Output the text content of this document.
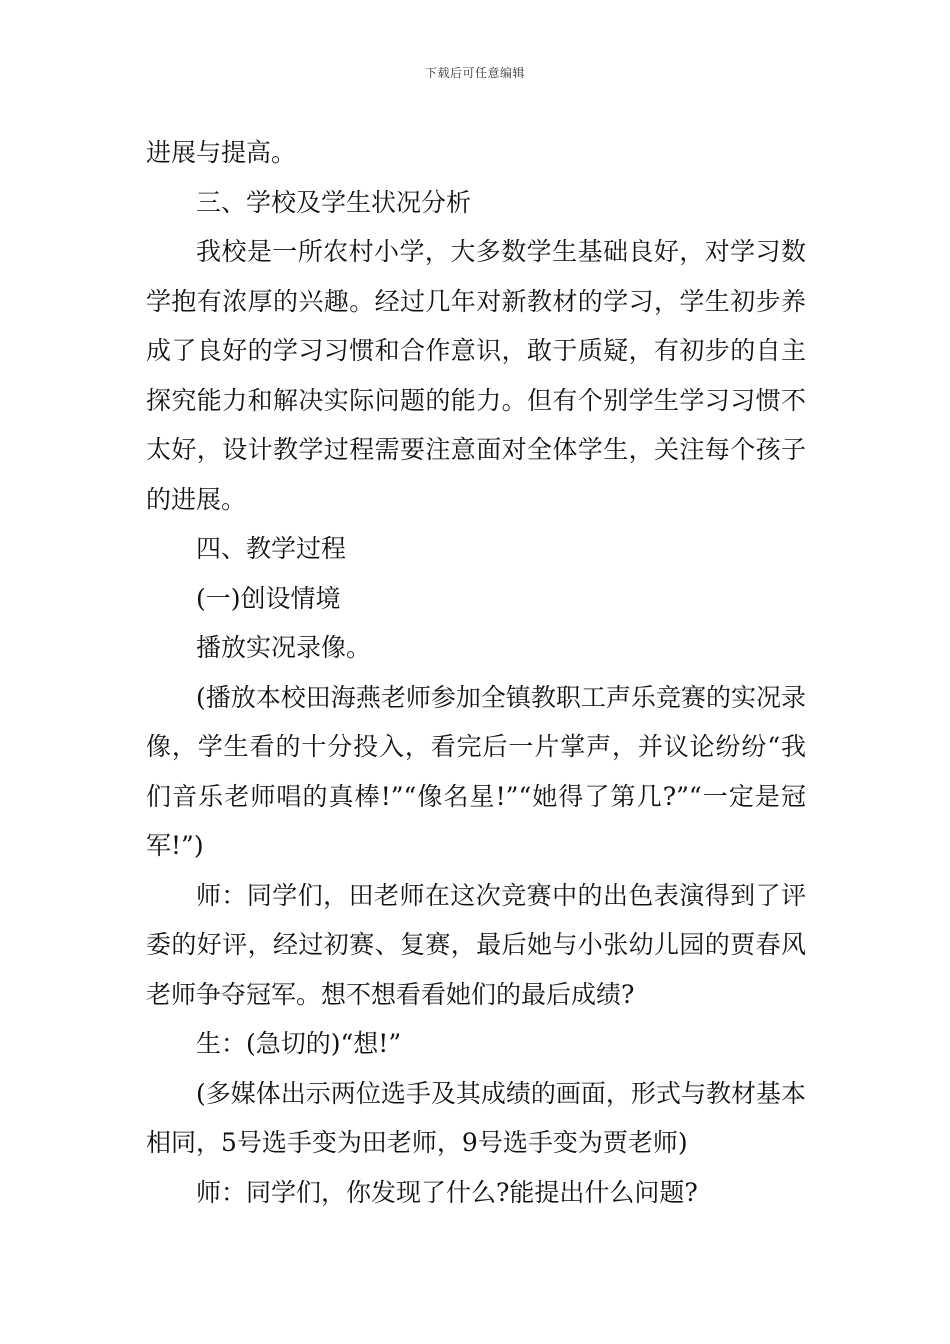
下载后可任意编辑

进展与提高。

三、学校及学生状况分析

我校是一所农村小学，大多数学生基础良好，对学习数学抱有浓厚的兴趣。经过几年对新教材的学习，学生初步养成了良好的学习习惯和合作意识，敢于质疑，有初步的自主探究能力和解决实际问题的能力。但有个别学生学习习惯不太好，设计教学过程需要注意面对全体学生，关注每个孩子的进展。

四、教学过程

(一)创设情境

播放实况录像。

(播放本校田海燕老师参加全镇教职工声乐竞赛的实况录像，学生看的十分投入，看完后一片掌声，并议论纷纷“我们音乐老师唱的真棒!”“像名星!”“她得了第几?”“一定是冠军!”)

师：同学们，田老师在这次竞赛中的出色表演得到了评委的好评，经过初赛、复赛，最后她与小张幼儿园的贾春风老师争夺冠军。想不想看看她们的最后成绩?

生：(急切的)“想!”

(多媒体出示两位选手及其成绩的画面，形式与教材基本相同，5号选手变为田老师，9号选手变为贾老师)

师：同学们，你发现了什么?能提出什么问题?
